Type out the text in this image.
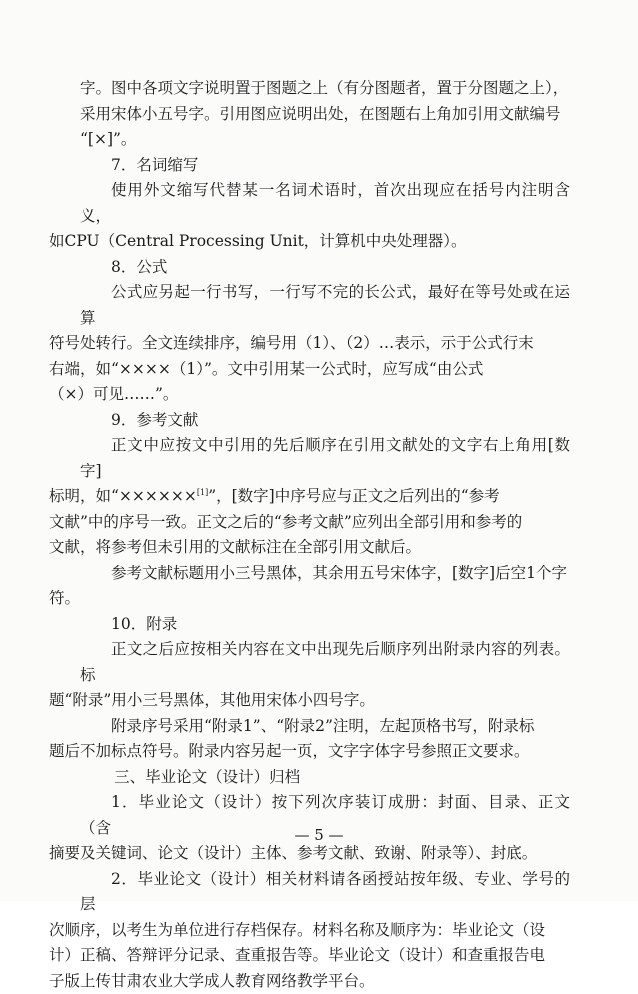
字。图中各项文字说明置于图题之上（有分图题者，置于分图题之上），
采用宋体小五号字。引用图应说明出处，在图题右上角加引用文献编号
“[×]”。

7．名词缩写

使用外文缩写代替某一名词术语时，首次出现应在括号内注明含义，
如CPU（Central Processing Unit，计算机中央处理器）。

8．公式

公式应另起一行书写，一行写不完的长公式，最好在等号处或在运算
符号处转行。全文连续排序，编号用（1）、（2）…表示，示于公式行末
右端，如“××××（1）”。文中引用某一公式时，应写成“由公式
（×）可见……”。

9．参考文献

正文中应按文中引用的先后顺序在引用文献处的文字右上角用[数字]
标明，如“××××××[1]”，[数字]中序号应与正文之后列出的“参考
文献”中的序号一致。正文之后的“参考文献”应列出全部引用和参考的
文献，将参考但未引用的文献标注在全部引用文献后。

参考文献标题用小三号黑体，其余用五号宋体字，[数字]后空1个字
符。

10．附录

正文之后应按相关内容在文中出现先后顺序列出附录内容的列表。标
题“附录”用小三号黑体，其他用宋体小四号字。

附录序号采用“附录1”、“附录2”注明，左起顶格书写，附录标
题后不加标点符号。附录内容另起一页，文字字体字号参照正文要求。

三、毕业论文（设计）归档

1．毕业论文（设计）按下列次序装订成册：封面、目录、正文（含
摘要及关键词、论文（设计）主体、参考文献、致谢、附录等）、封底。

2．毕业论文（设计）相关材料请各函授站按年级、专业、学号的层
次顺序，以考生为单位进行存档保存。材料名称及顺序为：毕业论文（设
计）正稿、答辩评分记录、查重报告等。毕业论文（设计）和查重报告电
子版上传甘肃农业大学成人教育网络教学平台。

— 5 —
